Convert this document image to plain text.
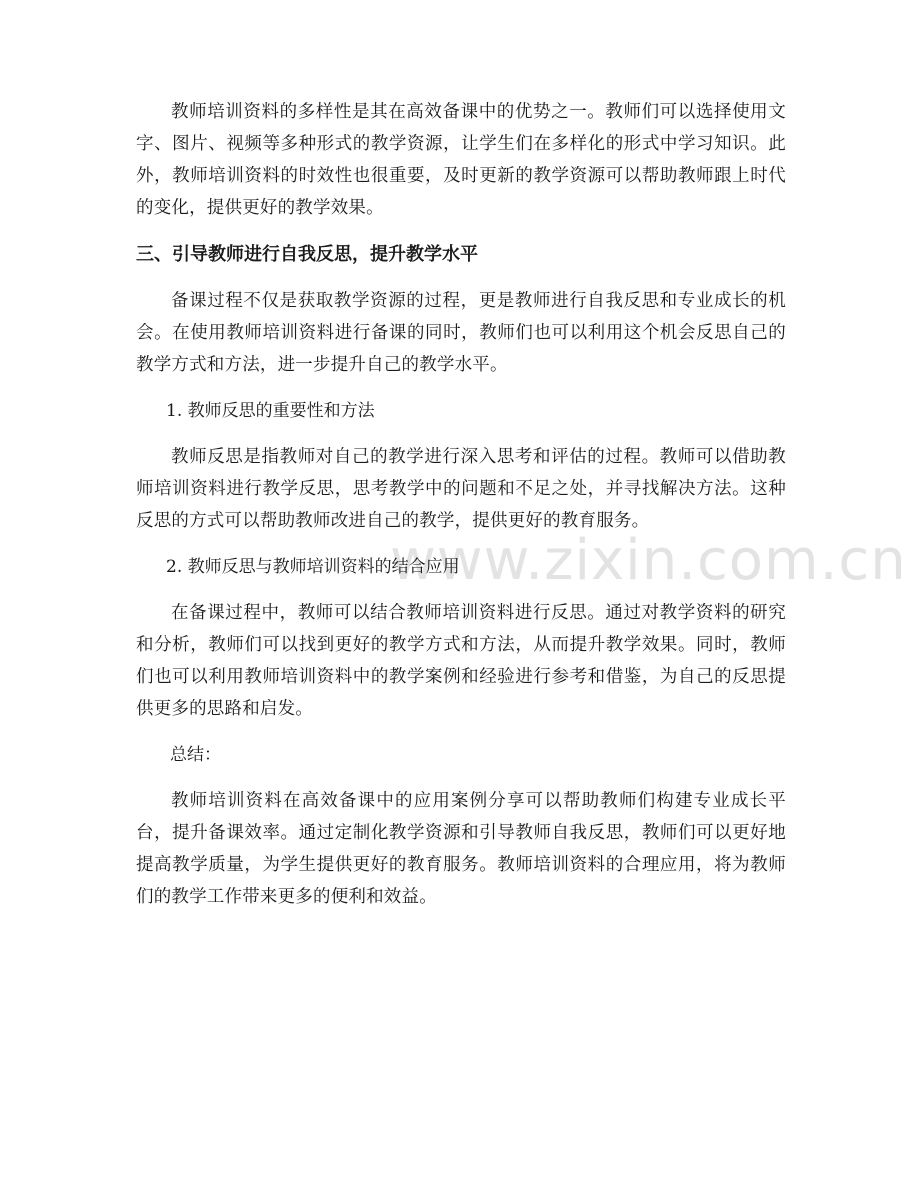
www.zixin.com.cn

教师培训资料的多样性是其在高效备课中的优势之一。教师们可以选择使用文字、图片、视频等多种形式的教学资源，让学生们在多样化的形式中学习知识。此外，教师培训资料的时效性也很重要，及时更新的教学资源可以帮助教师跟上时代的变化，提供更好的教学效果。

三、引导教师进行自我反思，提升教学水平

备课过程不仅是获取教学资源的过程，更是教师进行自我反思和专业成长的机会。在使用教师培训资料进行备课的同时，教师们也可以利用这个机会反思自己的教学方式和方法，进一步提升自己的教学水平。

1. 教师反思的重要性和方法

教师反思是指教师对自己的教学进行深入思考和评估的过程。教师可以借助教师培训资料进行教学反思，思考教学中的问题和不足之处，并寻找解决方法。这种反思的方式可以帮助教师改进自己的教学，提供更好的教育服务。

2. 教师反思与教师培训资料的结合应用

在备课过程中，教师可以结合教师培训资料进行反思。通过对教学资料的研究和分析，教师们可以找到更好的教学方式和方法，从而提升教学效果。同时，教师们也可以利用教师培训资料中的教学案例和经验进行参考和借鉴，为自己的反思提供更多的思路和启发。

总结：

教师培训资料在高效备课中的应用案例分享可以帮助教师们构建专业成长平台，提升备课效率。通过定制化教学资源和引导教师自我反思，教师们可以更好地提高教学质量，为学生提供更好的教育服务。教师培训资料的合理应用，将为教师们的教学工作带来更多的便利和效益。
